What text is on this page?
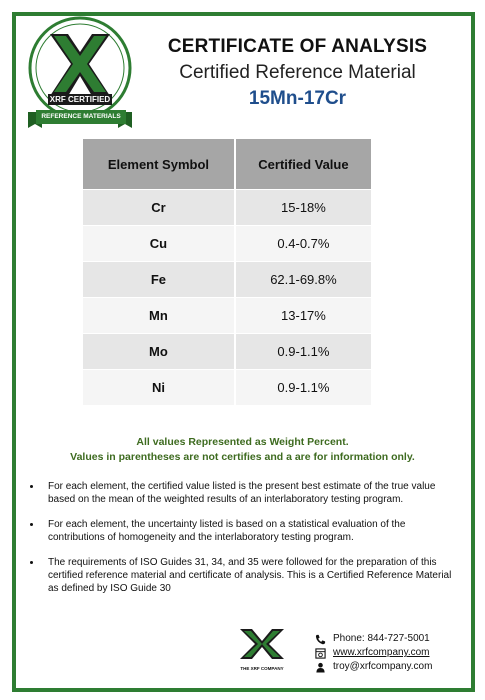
XRF CERTIFIED
REFERENCE MATERIALS
CERTIFICATE OF ANALYSIS
Certified Reference Material
15Mn-17Cr
Element Symbol	Certified Value
Cr	15-18%
Cu	0.4-0.7%
Fe	62.1-69.8%
Mn	13-17%
Mo	0.9-1.1%
Ni	0.9-1.1%
All values Represented as Weight Percent.
Values in parentheses are not certifies and a are for information only.
• For each element, the certified value listed is the present best estimate of the true value based on the mean of the weighted results of an interlaboratory testing program.
• For each element, the uncertainty listed is based on a statistical evaluation of the contributions of homogeneity and the interlaboratory testing program.
• The requirements of ISO Guides 31, 34, and 35 were followed for the preparation of this certified reference material and certificate of analysis. This is a Certified Reference Material as defined by ISO Guide 30
THE XRF COMPANY
Phone: 844-727-5001
www.xrfcompany.com
troy@xrfcompany.com
